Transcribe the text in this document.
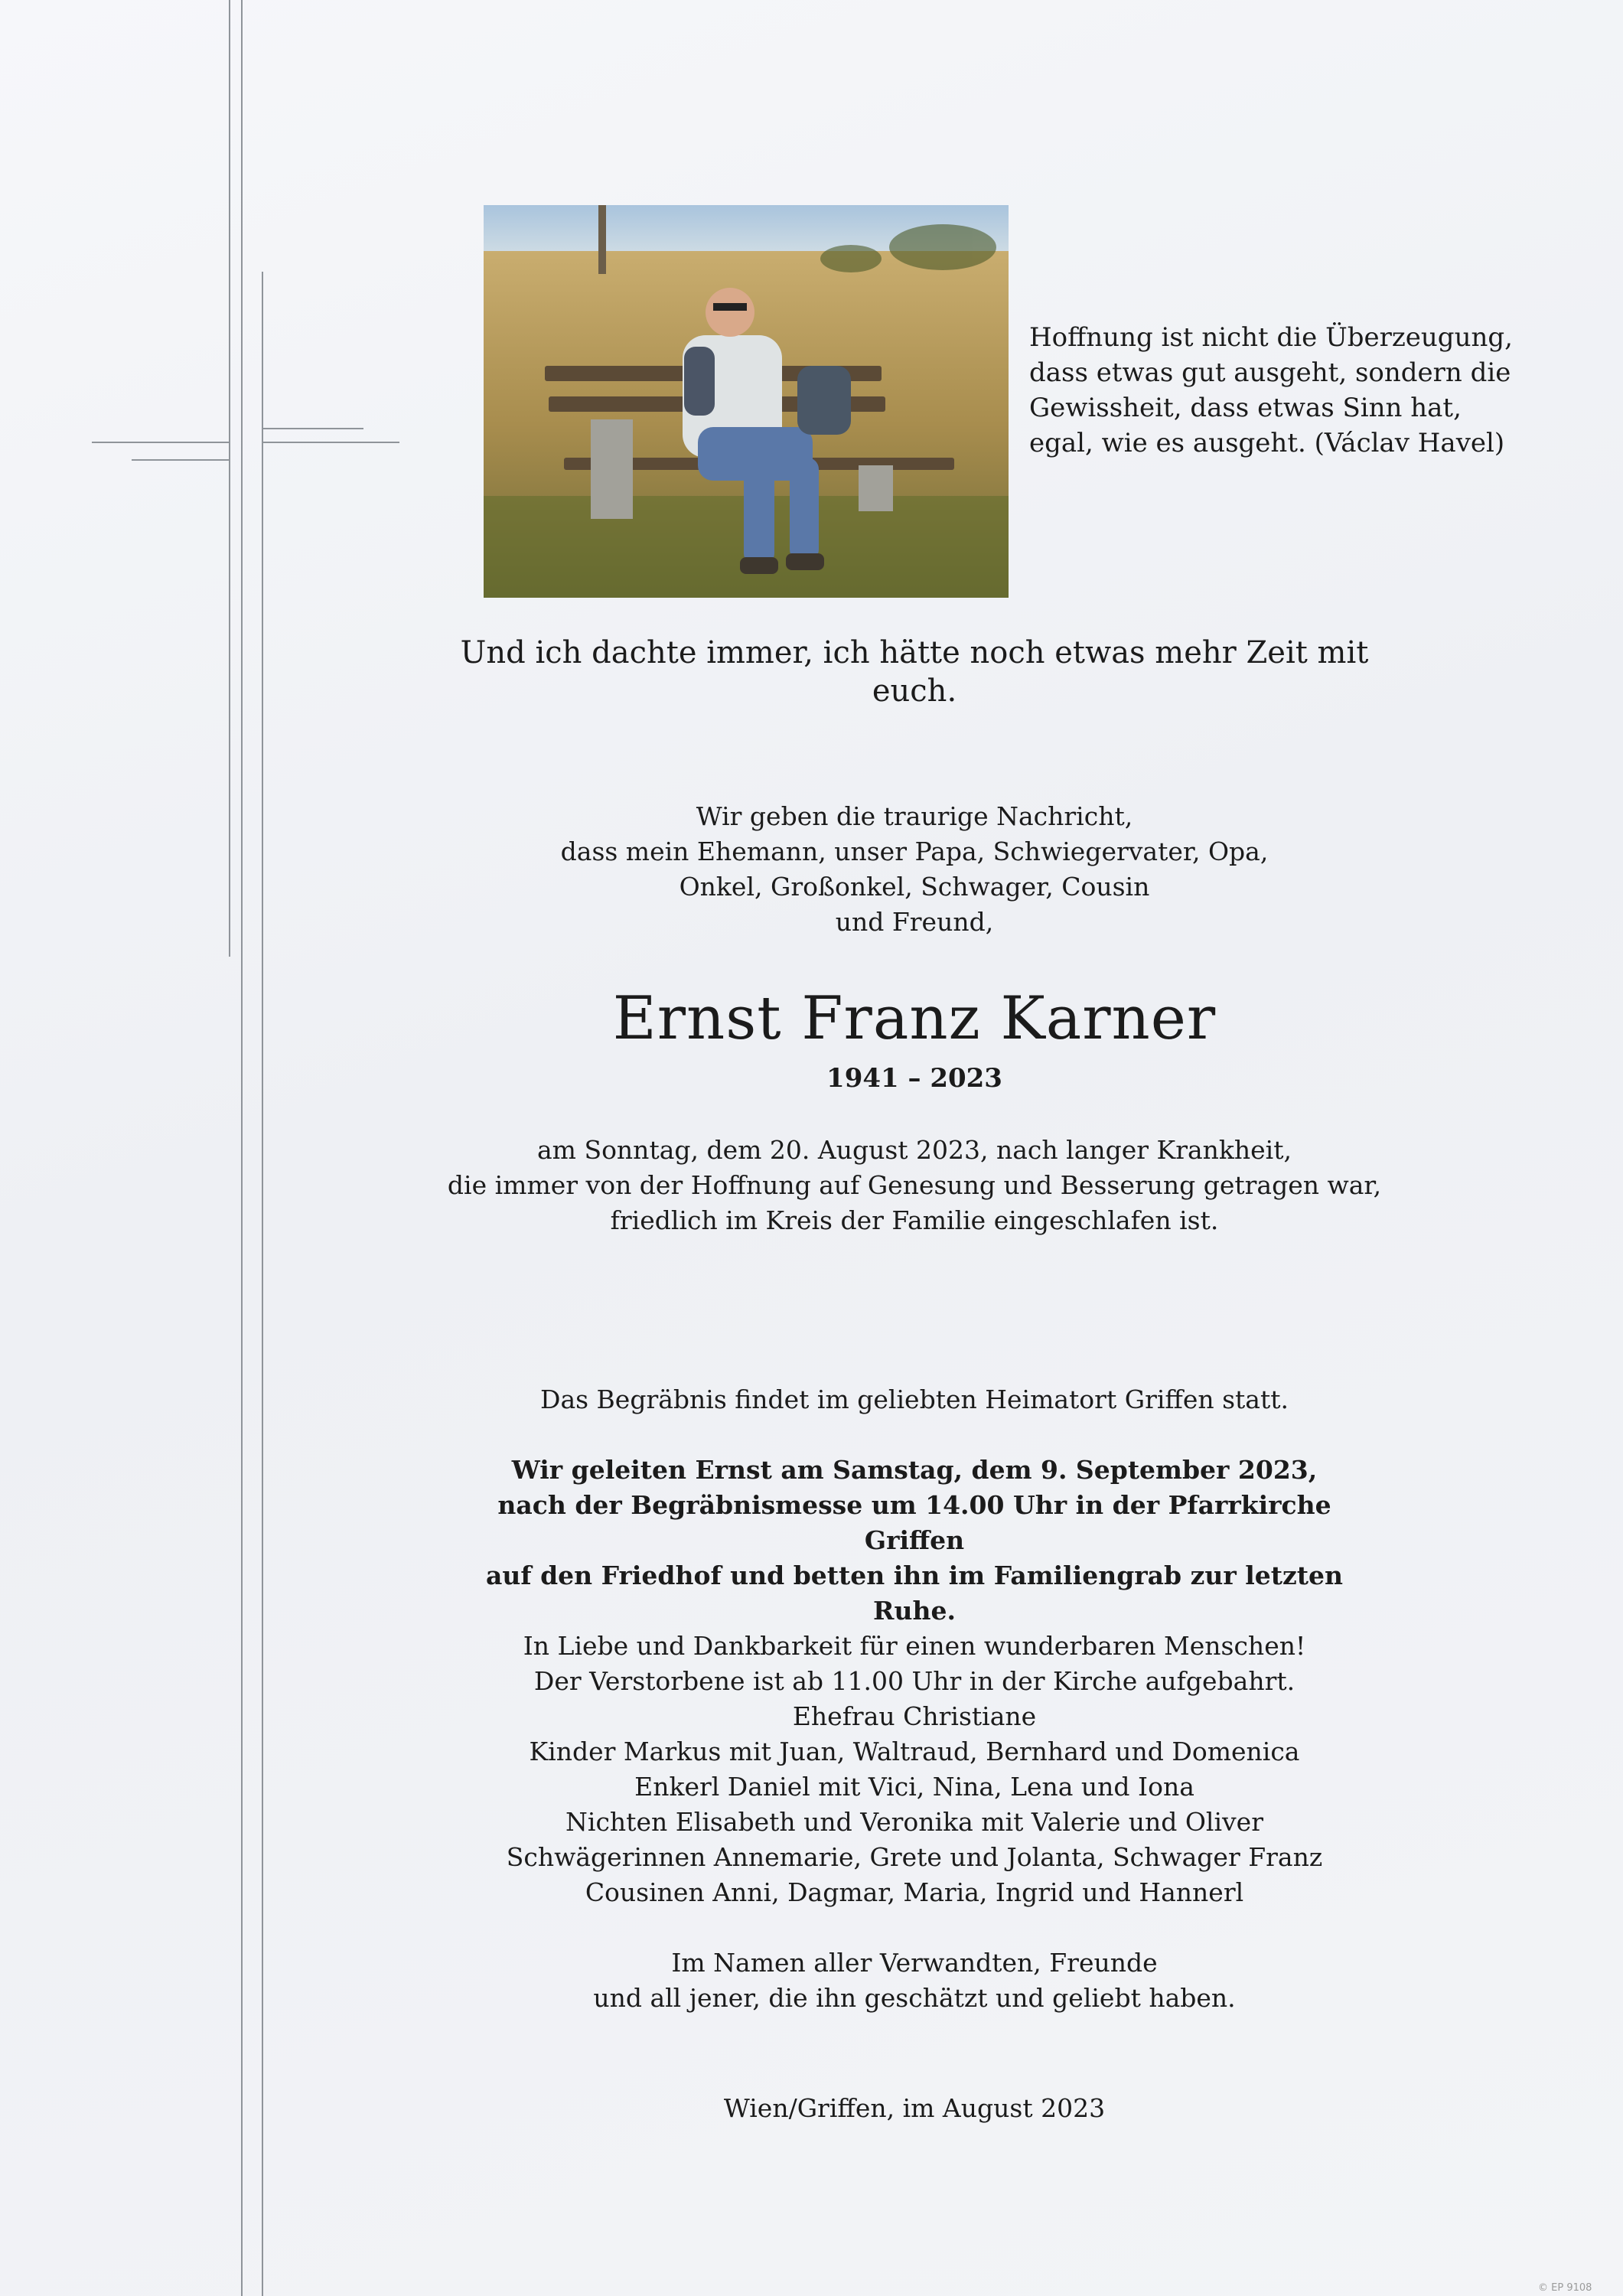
Hoffnung ist nicht die Überzeugung,
dass etwas gut ausgeht, sondern die
Gewissheit, dass etwas Sinn hat,
egal, wie es ausgeht. (Václav Havel)
Und ich dachte immer, ich hätte noch etwas mehr Zeit mit euch.
Wir geben die traurige Nachricht,
dass mein Ehemann, unser Papa, Schwiegervater, Opa,
Onkel, Großonkel, Schwager, Cousin
und Freund,
Ernst Franz Karner
1941 – 2023
am Sonntag, dem 20. August 2023, nach langer Krankheit,
die immer von der Hoffnung auf Genesung und Besserung getragen war,
friedlich im Kreis der Familie eingeschlafen ist.

Das Begräbnis findet im geliebten Heimatort Griffen statt.

Wir geleiten Ernst am Samstag, dem 9. September 2023,
nach der Begräbnismesse um 14.00 Uhr in der Pfarrkirche Griffen
auf den Friedhof und betten ihn im Familiengrab zur letzten Ruhe.

Der Verstorbene ist ab 11.00 Uhr in der Kirche aufgebahrt.

In Liebe und Dankbarkeit für einen wunderbaren Menschen!
Ehefrau Christiane
Kinder Markus mit Juan, Waltraud, Bernhard und Domenica
Enkerl Daniel mit Vici, Nina, Lena und Iona
Nichten Elisabeth und Veronika mit Valerie und Oliver
Schwägerinnen Annemarie, Grete und Jolanta, Schwager Franz
Cousinen Anni, Dagmar, Maria, Ingrid und Hannerl
Im Namen aller Verwandten, Freunde
und all jener, die ihn geschätzt und geliebt haben.
Wien/Griffen, im August 2023
© EP 9108
